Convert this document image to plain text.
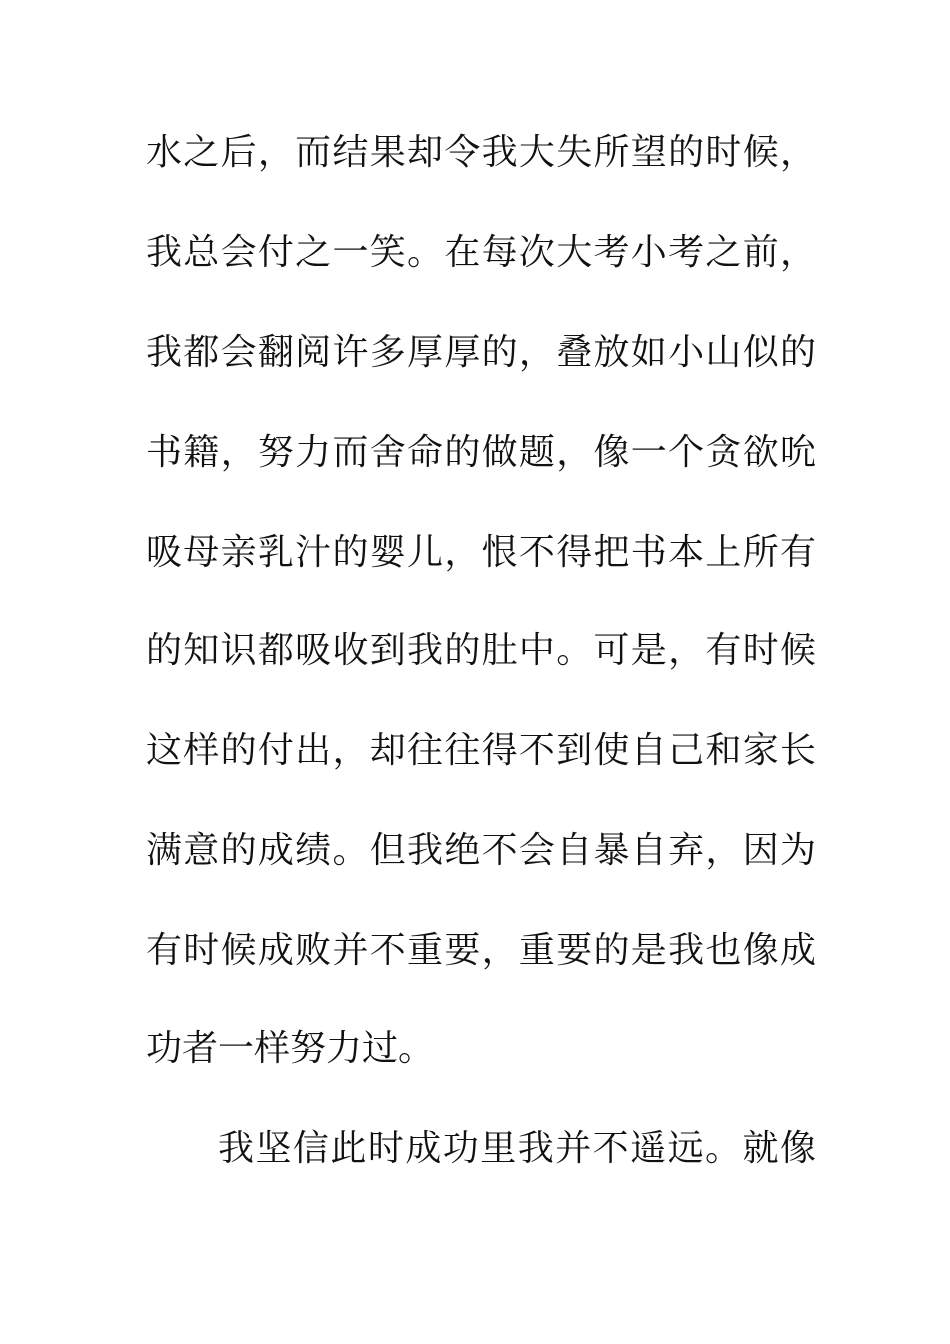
水之后，而结果却令我大失所望的时候，
我总会付之一笑。在每次大考小考之前，
我都会翻阅许多厚厚的，叠放如小山似的
书籍，努力而舍命的做题，像一个贪欲吮
吸母亲乳汁的婴儿，恨不得把书本上所有
的知识都吸收到我的肚中。可是，有时候
这样的付出，却往往得不到使自己和家长
满意的成绩。但我绝不会自暴自弃，因为
有时候成败并不重要，重要的是我也像成
功者一样努力过。
我坚信此时成功里我并不遥远。就像
